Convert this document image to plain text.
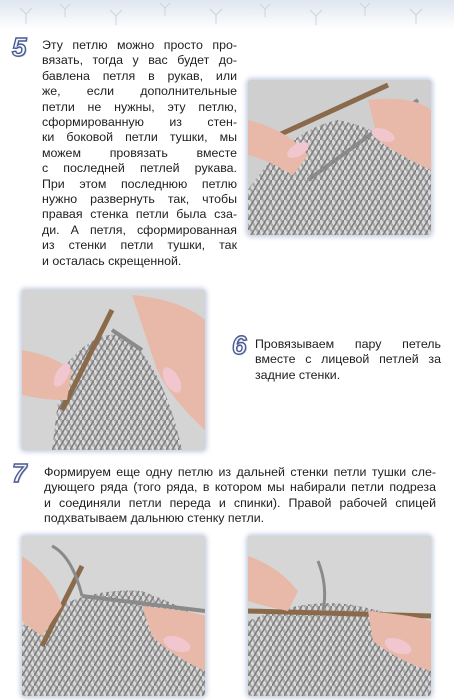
5 Эту петлю можно просто про-
вязать, тогда у вас будет до-
бавлена петля в рукав, или
же, если дополнительные
петли не нужны, эту петлю,
сформированную из стен-
ки боковой петли тушки, мы
можем провязать вместе
с последней петлей рукава.
При этом последнюю петлю
нужно развернуть так, чтобы
правая стенка петли была сза-
ди. А петля, сформированная
из стенки петли тушки, так
и осталась скрещенной.
6 Провязываем пару петель
вместе с лицевой петлей за
задние стенки.
7 Формируем еще одну петлю из дальней стенки петли тушки сле-
дующего ряда (того ряда, в котором мы набирали петли подреза
и соединяли петли переда и спинки). Правой рабочей спицей
подхватываем дальнюю стенку петли.
